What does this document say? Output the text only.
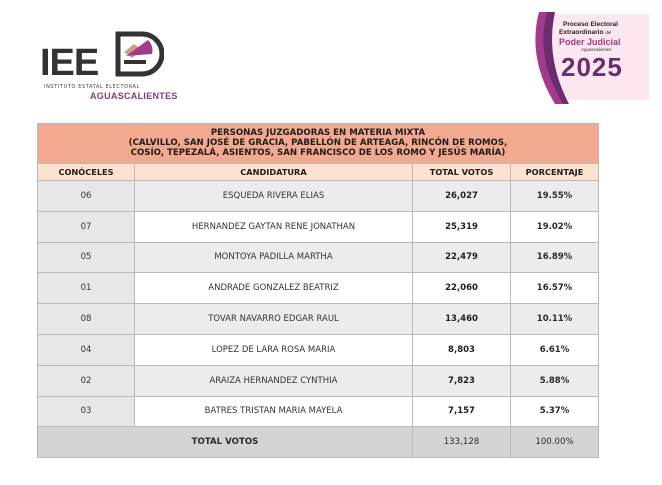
IEE
INSTITUTO ESTATAL ELECTORAL
AGUASCALIENTES
Proceso Electoral
Extraordinario del
Poder Judicial
Aguascalientes
2025
PERSONAS JUZGADORAS EN MATERIA MIXTA
(CALVILLO, SAN JOSÉ DE GRACIA, PABELLÓN DE ARTEAGA, RINCÓN DE ROMOS,
COSÍO, TEPEZALÁ, ASIENTOS, SAN FRANCISCO DE LOS ROMO Y JESÚS MARÍA)			

CONÓCELES	CANDIDATURA	TOTAL VOTOS	PORCENTAJE
06	ESQUEDA RIVERA ELIAS	26,027	19.55%
07	HERNANDEZ GAYTAN RENE JONATHAN	25,319	19.02%
05	MONTOYA PADILLA MARTHA	22,479	16.89%
01	ANDRADE GONZALEZ BEATRIZ	22,060	16.57%
08	TOVAR NAVARRO EDGAR RAUL	13,460	10.11%
04	LOPEZ DE LARA ROSA MARIA	8,803	6.61%
02	ARAIZA HERNANDEZ CYNTHIA	7,823	5.88%
03	BATRES TRISTAN MARIA MAYELA	7,157	5.37%
TOTAL VOTOS		133,128	100.00%
